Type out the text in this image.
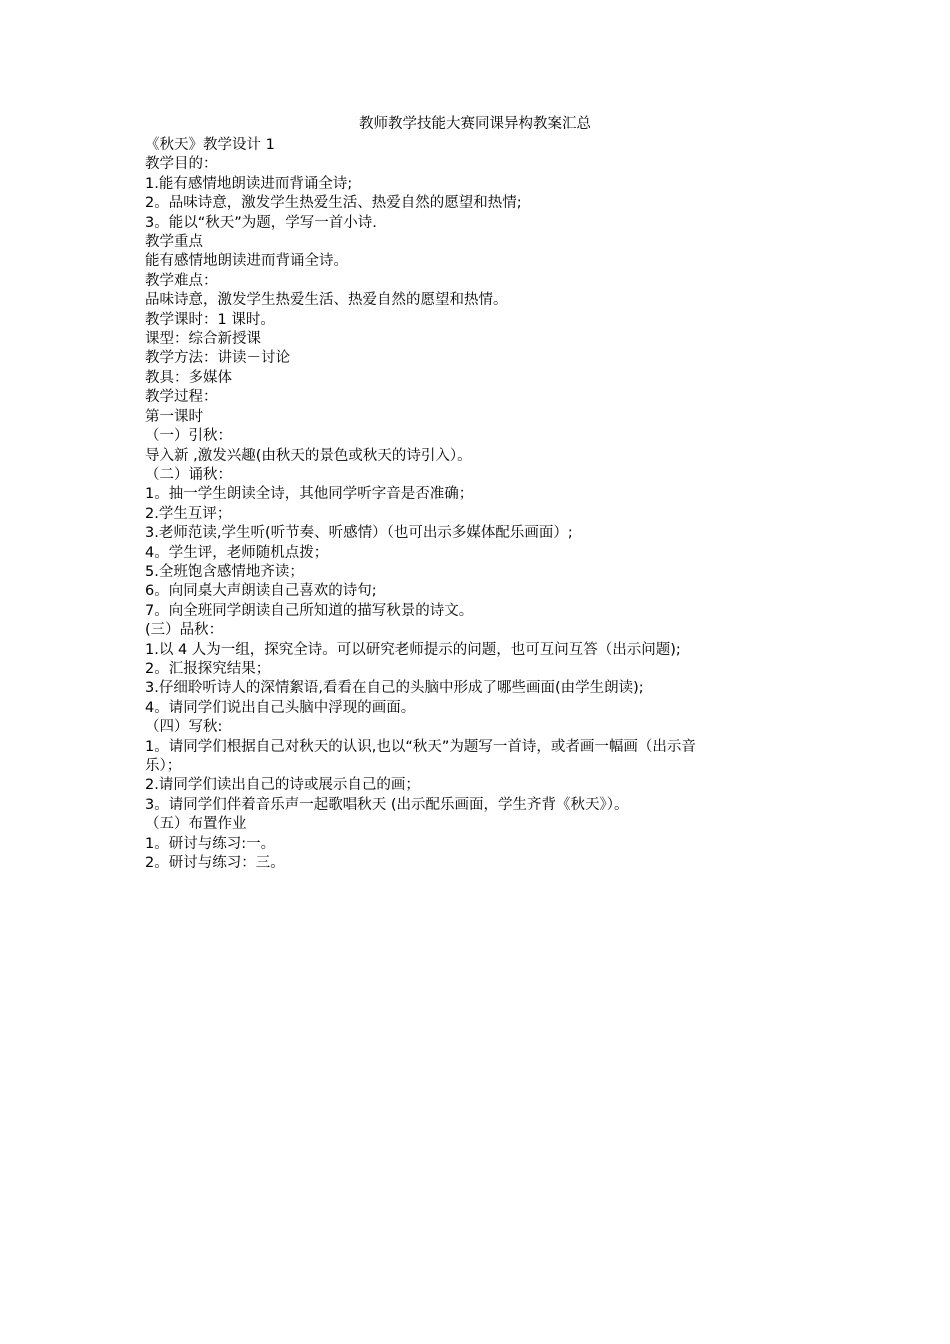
教师教学技能大赛同课异构教案汇总

《秋天》教学设计 1

教学目的：

1.能有感情地朗读进而背诵全诗;

2。品味诗意，激发学生热爱生活、热爱自然的愿望和热情;

3。能以“秋天”为题，学写一首小诗.

教学重点

能有感情地朗读进而背诵全诗。

教学难点：

品味诗意，激发学生热爱生活、热爱自然的愿望和热情。

教学课时：1 课时。

课型：综合新授课

教学方法：讲读－讨论

教具：多媒体

教学过程：

第一课时

（一）引秋：

导入新 ,激发兴趣(由秋天的景色或秋天的诗引入）。

（二）诵秋：

1。抽一学生朗读全诗，其他同学听字音是否准确；

2.学生互评；

3.老师范读,学生听(听节奏、听感情）（也可出示多媒体配乐画面）;

4。学生评，老师随机点拨；

5.全班饱含感情地齐读；

6。向同桌大声朗读自己喜欢的诗句;

7。向全班同学朗读自己所知道的描写秋景的诗文。

(三）品秋：

1.以 4 人为一组，探究全诗。可以研究老师提示的问题，也可互问互答（出示问题);

2。汇报探究结果；

3.仔细聆听诗人的深情絮语,看看在自己的头脑中形成了哪些画面(由学生朗读);

4。请同学们说出自己头脑中浮现的画面。

（四）写秋:

1。请同学们根据自己对秋天的认识,也以“秋天”为题写一首诗，或者画一幅画（出示音

乐）；

2.请同学们读出自己的诗或展示自己的画；

3。请同学们伴着音乐声一起歌唱秋天 (出示配乐画面，学生齐背《秋天》）。

（五）布置作业

1。研讨与练习:一。

2。研讨与练习：三。
